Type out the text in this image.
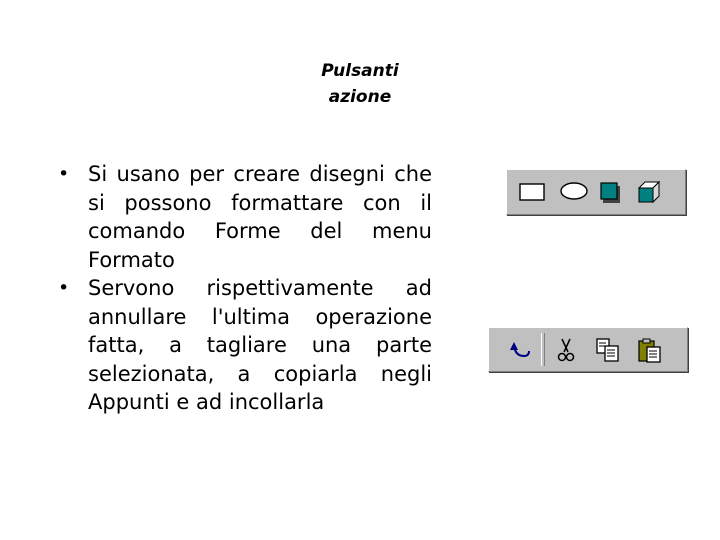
Pulsanti
azione
• Si usano per creare disegni che si possono formattare con il comando Forme del menu Formato
• Servono rispettivamente ad annullare l'ultima operazione fatta, a tagliare una parte selezionata, a copiarla negli Appunti e ad incollarla
